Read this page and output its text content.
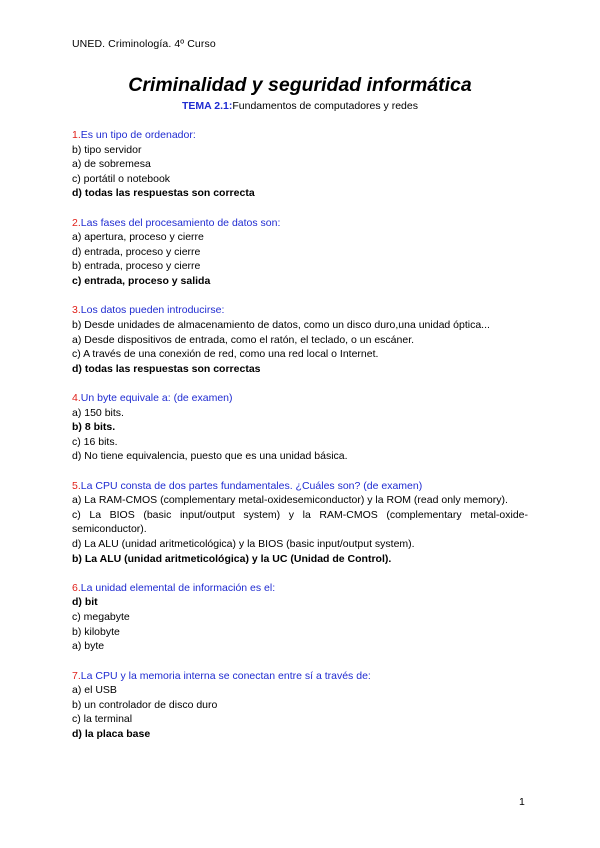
UNED. Criminología. 4º Curso
Criminalidad y seguridad informática
TEMA 2.1:Fundamentos de computadores y redes
1.Es un tipo de ordenador:
b) tipo servidor
a) de sobremesa
c) portátil o notebook
d) todas las respuestas son correcta
2.Las fases del procesamiento de datos son:
a) apertura, proceso y cierre
d) entrada, proceso y cierre
b) entrada, proceso y cierre
c) entrada, proceso y salida
3.Los datos pueden introducirse:
b) Desde unidades de almacenamiento de datos, como un disco duro,una unidad óptica...
a) Desde dispositivos de entrada, como el ratón, el teclado, o un escáner.
c) A través de una conexión de red, como una red local o Internet.
d) todas las respuestas son correctas
4.Un byte equivale a: (de examen)
a) 150 bits.
b) 8 bits.
c) 16 bits.
d) No tiene equivalencia, puesto que es una unidad básica.
5.La CPU consta de dos partes fundamentales. ¿Cuáles son? (de examen)
a) La RAM-CMOS (complementary metal-oxidesemiconductor) y la ROM (read only memory).
c) La BIOS (basic input/output system) y la RAM-CMOS (complementary metal-oxide-semiconductor).
d) La ALU (unidad aritmeticológica) y la BIOS (basic input/output system).
b) La ALU (unidad aritmeticológica) y la UC (Unidad de Control).
6.La unidad elemental de información es el:
d) bit
c) megabyte
b) kilobyte
a) byte
7.La CPU y la memoria interna se conectan entre sí a través de:
a) el USB
b) un controlador de disco duro
c) la terminal
d) la placa base
1
